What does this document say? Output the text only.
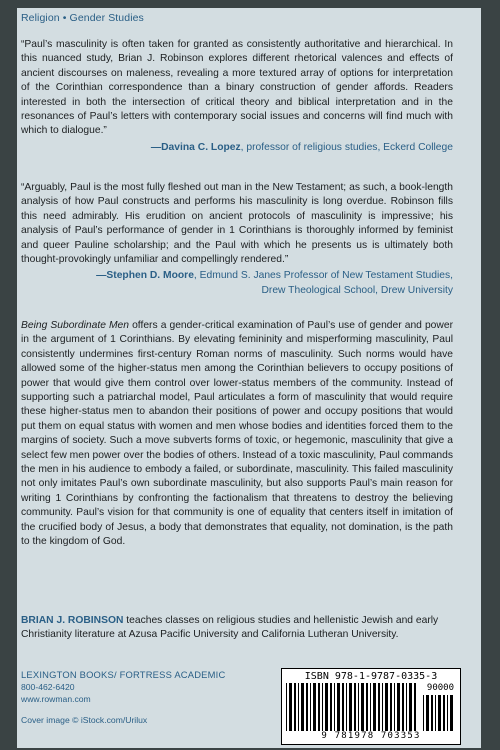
Religion • Gender Studies
“Paul’s masculinity is often taken for granted as consistently authoritative and hierarchical. In this nuanced study, Brian J. Robinson explores different rhetorical valences and effects of ancient discourses on maleness, revealing a more textured array of options for interpretation of the Corinthian correspondence than a binary construction of gender affords. Readers interested in both the intersection of critical theory and biblical interpretation and in the resonances of Paul’s letters with contemporary social issues and concerns will find much with which to dialogue.”
—Davina C. Lopez, professor of religious studies, Eckerd College
“Arguably, Paul is the most fully fleshed out man in the New Testament; as such, a book-length analysis of how Paul constructs and performs his masculinity is long overdue. Robinson fills this need admirably. His erudition on ancient protocols of masculinity is impressive; his analysis of Paul’s performance of gender in 1 Corinthians is thoroughly informed by feminist and queer Pauline scholarship; and the Paul with which he presents us is ultimately both thought-provokingly unfamiliar and compellingly rendered.”
—Stephen D. Moore, Edmund S. Janes Professor of New Testament Studies,
Drew Theological School, Drew University
Being Subordinate Men offers a gender-critical examination of Paul’s use of gender and power in the argument of 1 Corinthians. By elevating femininity and misperforming masculinity, Paul consistently undermines first-century Roman norms of masculinity. Such norms would have allowed some of the higher-status men among the Corinthian believers to occupy positions of power that would give them control over lower-status members of the community. Instead of supporting such a patriarchal model, Paul articulates a form of masculinity that would require these higher-status men to abandon their positions of power and occupy positions that would put them on equal status with women and men whose bodies and identities forced them to the margins of society. Such a move subverts forms of toxic, or hegemonic, masculinity that give a select few men power over the bodies of others. Instead of a toxic masculinity, Paul commands the men in his audience to embody a failed, or subordinate, masculinity. This failed masculinity not only imitates Paul’s own subordinate masculinity, but also supports Paul’s main reason for writing 1 Corinthians by confronting the factionalism that threatens to destroy the believing community. Paul’s vision for that community is one of equality that centers itself in imitation of the crucified body of Jesus, a body that demonstrates that equality, not domination, is the path to the kingdom of God.
BRIAN J. ROBINSON teaches classes on religious studies and hellenistic Jewish and early Christianity literature at Azusa Pacific University and California Lutheran University.
LEXINGTON BOOKS/ FORTRESS ACADEMIC
800-462-6420
www.rowman.com
Cover image © iStock.com/Urilux
ISBN 978-1-9787-0335-3
90000
9 781978 703353
